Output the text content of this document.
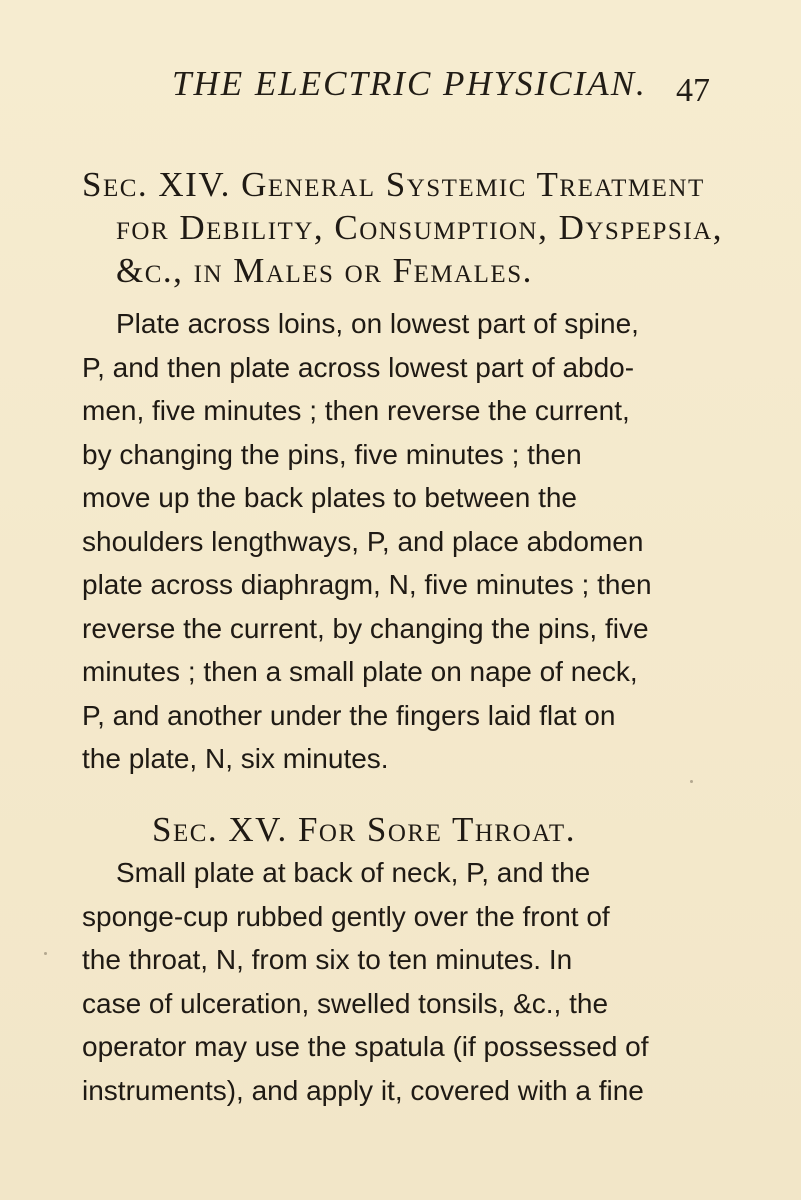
THE ELECTRIC PHYSICIAN. 47
Sec. XIV. General Systemic Treatment
for Debility, Consumption, Dyspepsia,
&c., in Males or Females.
Plate across loins, on lowest part of spine,
P, and then plate across lowest part of abdo-
men, five minutes ; then reverse the current,
by changing the pins, five minutes ; then
move up the back plates to between the
shoulders lengthways, P, and place abdomen
plate across diaphragm, N, five minutes ; then
reverse the current, by changing the pins, five
minutes ; then a small plate on nape of neck,
P, and another under the fingers laid flat on
the plate, N, six minutes.
Sec. XV. For Sore Throat.
Small plate at back of neck, P, and the
sponge-cup rubbed gently over the front of
the throat, N, from six to ten minutes. In
case of ulceration, swelled tonsils, &c., the
operator may use the spatula (if possessed of
instruments), and apply it, covered with a fine
